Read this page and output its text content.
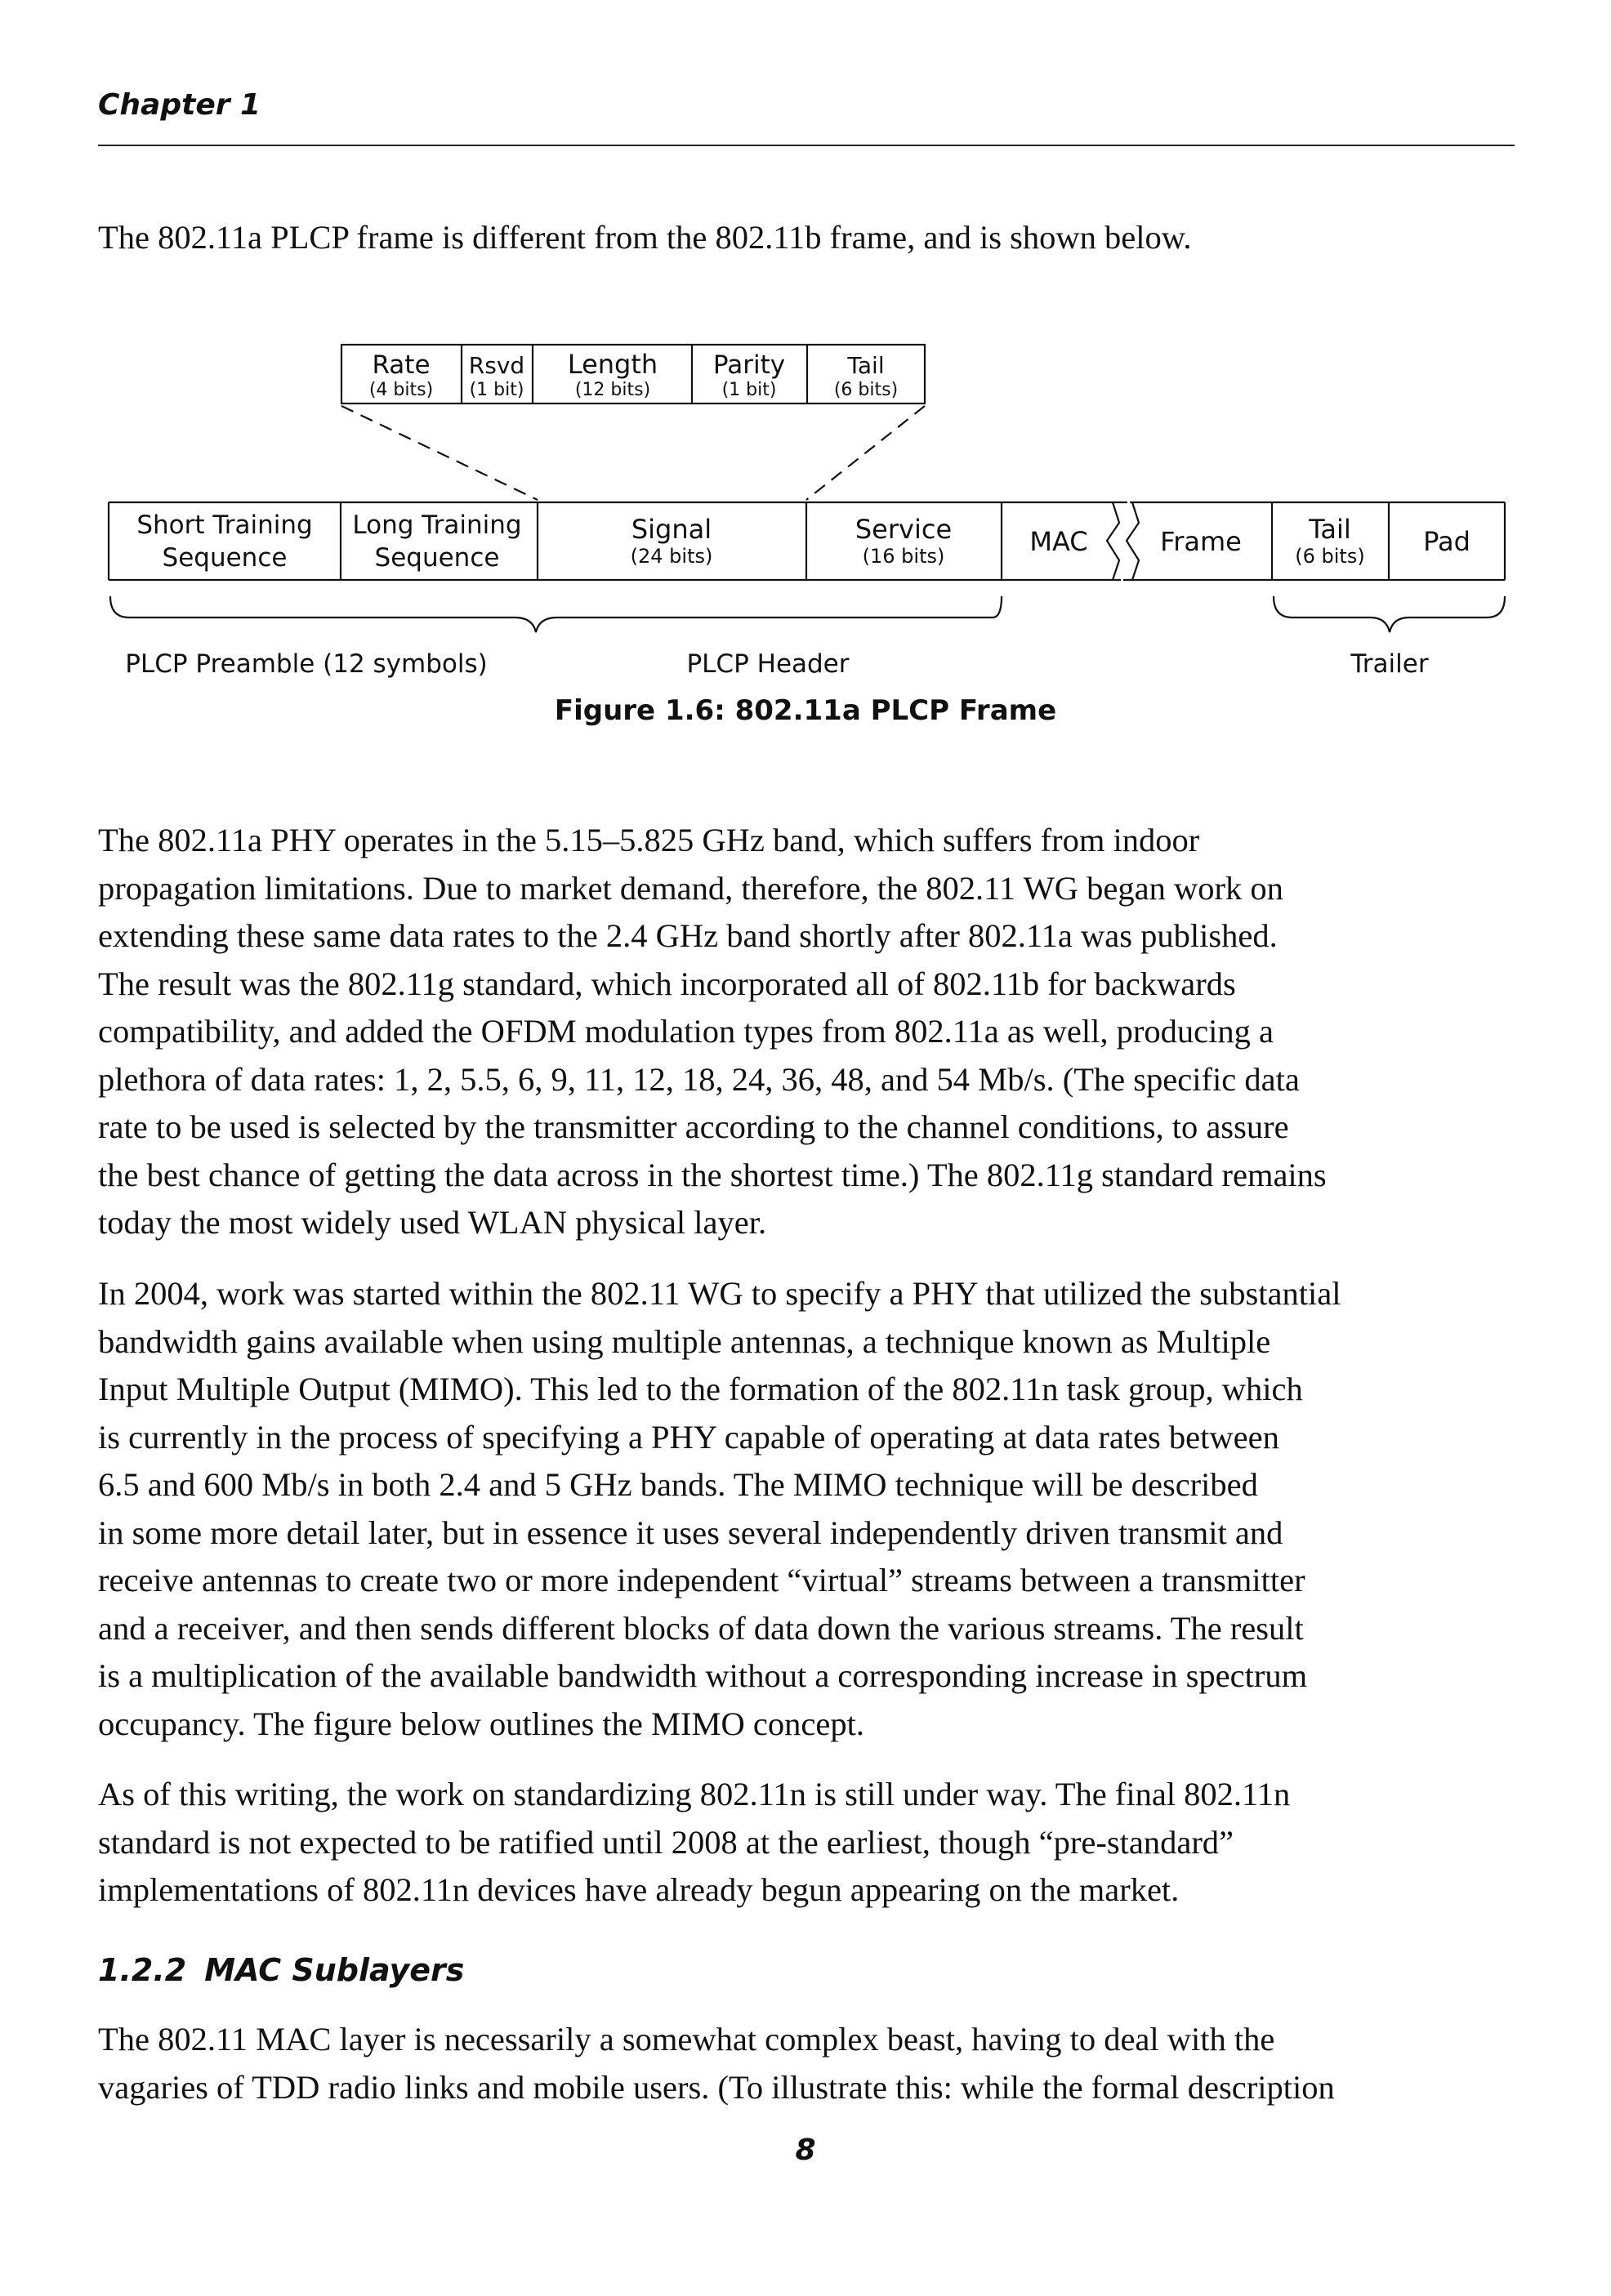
Chapter 1
The 802.11a PLCP frame is different from the 802.11b frame, and is shown below.
Rate
(4 bits)
Rsvd
(1 bit)
Length
(12 bits)
Parity
(1 bit)
Tail
(6 bits)
Short Training
Sequence
Long Training
Sequence
Signal
(24 bits)
Service
(16 bits)	MAC	Frame	Tail
(6 bits) Pad
PLCP Preamble (12 symbols)	PLCP Header	Trailer
Figure 1.6: 802.11a PLCP Frame
The 802.11a PHY operates in the 5.15–5.825 GHz band, which suffers from indoor
propagation limitations. Due to market demand, therefore, the 802.11 WG began work on
extending these same data rates to the 2.4 GHz band shortly after 802.11a was published.
The result was the 802.11g standard, which incorporated all of 802.11b for backwards
compatibility, and added the OFDM modulation types from 802.11a as well, producing a
plethora of data rates: 1, 2, 5.5, 6, 9, 11, 12, 18, 24, 36, 48, and 54 Mb/s. (The specific data
rate to be used is selected by the transmitter according to the channel conditions, to assure
the best chance of getting the data across in the shortest time.) The 802.11g standard remains
today the most widely used WLAN physical layer.
In 2004, work was started within the 802.11 WG to specify a PHY that utilized the substantial
bandwidth gains available when using multiple antennas, a technique known as Multiple
Input Multiple Output (MIMO). This led to the formation of the 802.11n task group, which
is currently in the process of specifying a PHY capable of operating at data rates between
6.5 and 600 Mb/s in both 2.4 and 5 GHz bands. The MIMO technique will be described
in some more detail later, but in essence it uses several independently driven transmit and
receive antennas to create two or more independent “virtual” streams between a transmitter
and a receiver, and then sends different blocks of data down the various streams. The result
is a multiplication of the available bandwidth without a corresponding increase in spectrum
occupancy. The figure below outlines the MIMO concept.
As of this writing, the work on standardizing 802.11n is still under way. The final 802.11n
standard is not expected to be ratified until 2008 at the earliest, though “pre-standard”
implementations of 802.11n devices have already begun appearing on the market.
1.2.2 MAC Sublayers
The 802.11 MAC layer is necessarily a somewhat complex beast, having to deal with the
vagaries of TDD radio links and mobile users. (To illustrate this: while the formal description
8
